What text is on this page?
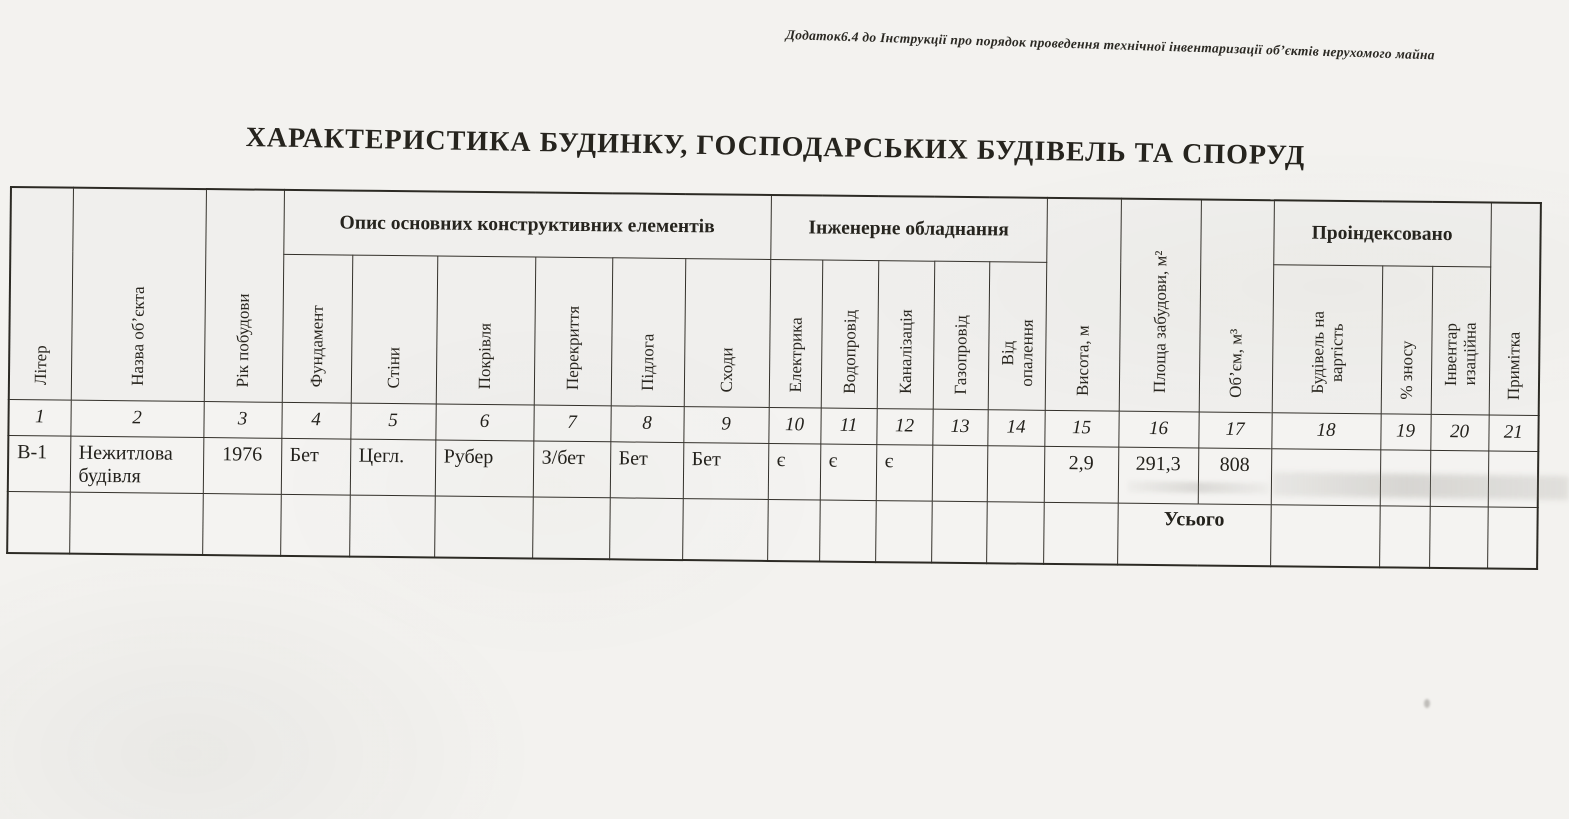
Додаток6.4 до Інструкції про порядок проведення технічної інвентаризації об’єктів нерухомого майна
ХАРАКТЕРИСТИКА БУДИНКУ, ГОСПОДАРСЬКИХ БУДІВЕЛЬ ТА СПОРУД
Літер	Назва об’єкта	Рік побудови	Опис основних конструктивних елементів						Інженерне обладнання					Висота, м	Площа забудови, м²	Об’єм, м³	Проіндексовано			Примітка
			Фундамент	Стіни	Покрівля	Перекриття	Підлога	Сходи	Електрика	Водопровід	Каналізація	Газопровід	Від опалення				Будівель на вартість	% зносу	Інвентар изаційна	
1	2	3	4	5	6	7	8	9	10	11	12	13	14	15	16	17	18	19	20	21
В-1	Нежитлова будівля	1976	Бет	Цегл.	Рубер	З/бет	Бет	Бет	є	є	є			2,9	291,3	808				
															Усього					
